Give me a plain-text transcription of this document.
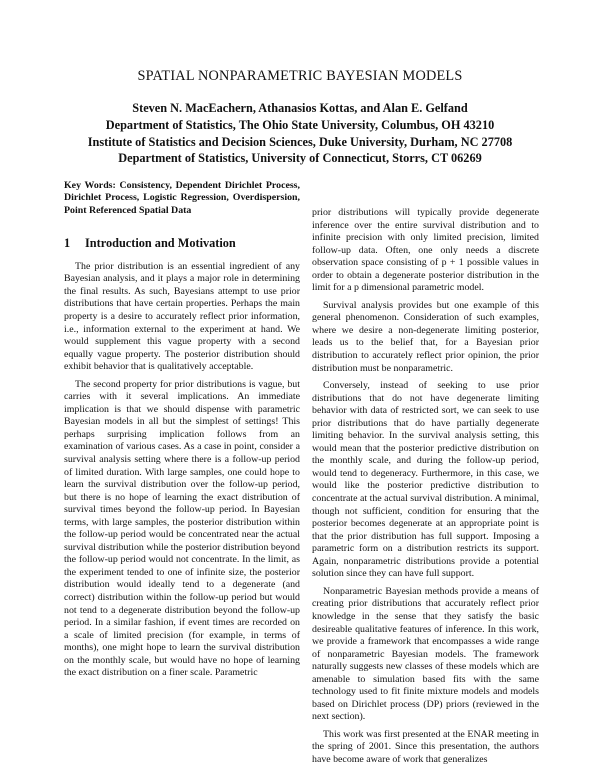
SPATIAL NONPARAMETRIC BAYESIAN MODELS
Steven N. MacEachern, Athanasios Kottas, and Alan E. Gelfand
Department of Statistics, The Ohio State University, Columbus, OH 43210
Institute of Statistics and Decision Sciences, Duke University, Durham, NC 27708
Department of Statistics, University of Connecticut, Storrs, CT 06269
Key Words: Consistency, Dependent Dirichlet Process, Dirichlet Process, Logistic Regression, Overdispersion, Point Referenced Spatial Data
1 Introduction and Motivation

The prior distribution is an essential ingredient of any Bayesian analysis, and it plays a major role in determining the final results. As such, Bayesians attempt to use prior distributions that have certain properties. Perhaps the main property is a desire to accurately reflect prior information, i.e., information external to the experiment at hand. We would supplement this vague property with a second equally vague property. The posterior distribution should exhibit behavior that is qualitatively acceptable.

The second property for prior distributions is vague, but carries with it several implications. An immediate implication is that we should dispense with parametric Bayesian models in all but the simplest of settings! This perhaps surprising implication follows from an examination of various cases. As a case in point, consider a survival analysis setting where there is a follow-up period of limited duration. With large samples, one could hope to learn the survival distribution over the follow-up period, but there is no hope of learning the exact distribution of survival times beyond the follow-up period. In Bayesian terms, with large samples, the posterior distribution within the follow-up period would be concentrated near the actual survival distribution while the posterior distribution beyond the follow-up period would not concentrate. In the limit, as the experiment tended to one of infinite size, the posterior distribution would ideally tend to a degenerate (and correct) distribution within the follow-up period but would not tend to a degenerate distribution beyond the follow-up period. In a similar fashion, if event times are recorded on a scale of limited precision (for example, in terms of months), one might hope to learn the survival distribution on the monthly scale, but would have no hope of learning the exact distribution on a finer scale. Parametric

prior distributions will typically provide degenerate inference over the entire survival distribution and to infinite precision with only limited precision, limited follow-up data. Often, one only needs a discrete observation space consisting of p + 1 possible values in order to obtain a degenerate posterior distribution in the limit for a p dimensional parametric model.

Survival analysis provides but one example of this general phenomenon. Consideration of such examples, where we desire a non-degenerate limiting posterior, leads us to the belief that, for a Bayesian prior distribution to accurately reflect prior opinion, the prior distribution must be nonparametric.

Conversely, instead of seeking to use prior distributions that do not have degenerate limiting behavior with data of restricted sort, we can seek to use prior distributions that do have partially degenerate limiting behavior. In the survival analysis setting, this would mean that the posterior predictive distribution on the monthly scale, and during the follow-up period, would tend to degeneracy. Furthermore, in this case, we would like the posterior predictive distribution to concentrate at the actual survival distribution. A minimal, though not sufficient, condition for ensuring that the posterior becomes degenerate at an appropriate point is that the prior distribution has full support. Imposing a parametric form on a distribution restricts its support. Again, nonparametric distributions provide a potential solution since they can have full support.

Nonparametric Bayesian methods provide a means of creating prior distributions that accurately reflect prior knowledge in the sense that they satisfy the basic desireable qualitative features of inference. In this work, we provide a framework that encompasses a wide range of nonparametric Bayesian models. The framework naturally suggests new classes of these models which are amenable to simulation based fits with the same technology used to fit finite mixture models and models based on Dirichlet process (DP) priors (reviewed in the next section).

This work was first presented at the ENAR meeting in the spring of 2001. Since this presentation, the authors have become aware of work that generalizes
